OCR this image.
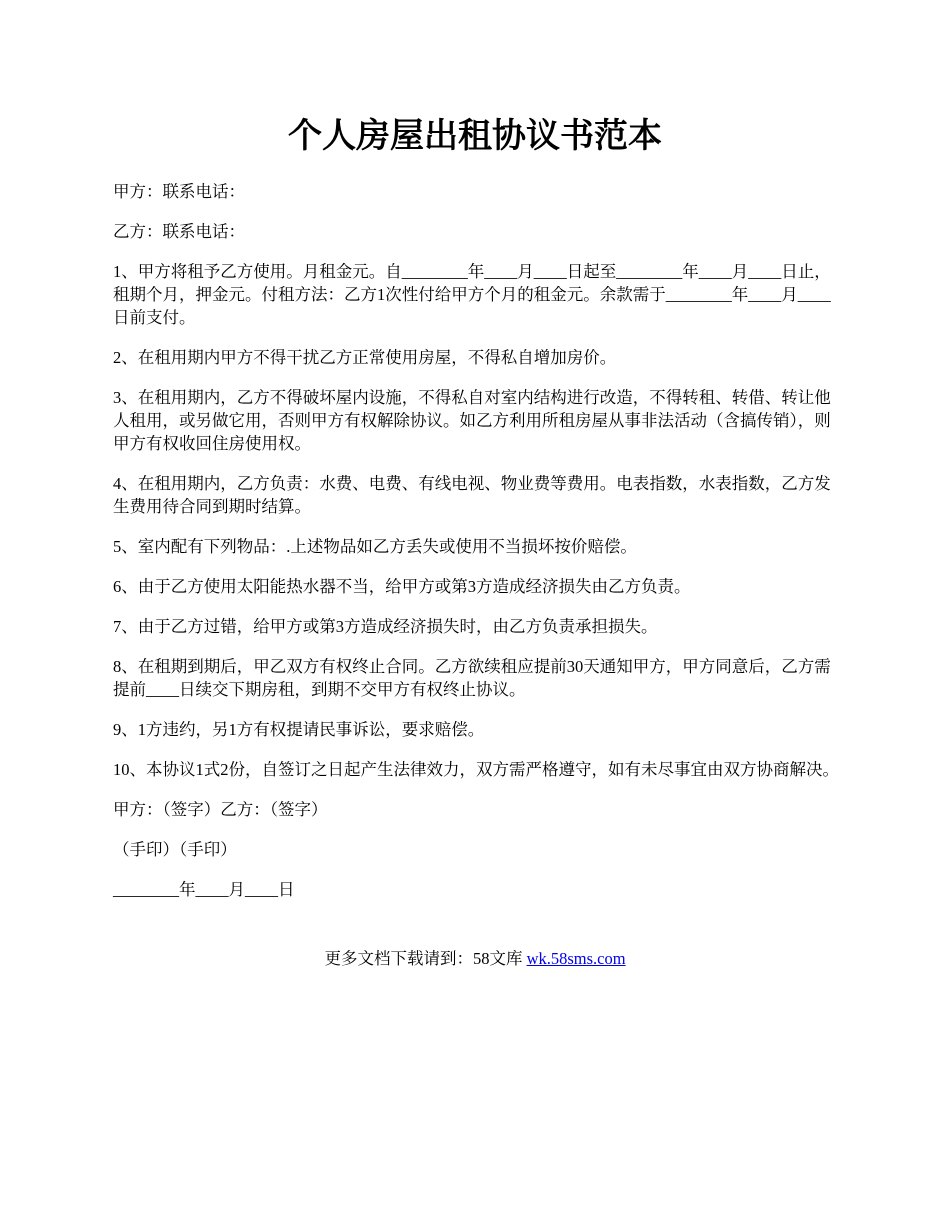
个人房屋出租协议书范本

甲方：联系电话：

乙方：联系电话：

1、甲方将租予乙方使用。月租金元。自________年____月____日起至________年____月____日止，租期个月，押金元。付租方法：乙方1次性付给甲方个月的租金元。余款需于________年____月____日前支付。

2、在租用期内甲方不得干扰乙方正常使用房屋，不得私自增加房价。

3、在租用期内，乙方不得破坏屋内设施，不得私自对室内结构进行改造，不得转租、转借、转让他人租用，或另做它用，否则甲方有权解除协议。如乙方利用所租房屋从事非法活动（含搞传销），则甲方有权收回住房使用权。

4、在租用期内，乙方负责：水费、电费、有线电视、物业费等费用。电表指数，水表指数，乙方发生费用待合同到期时结算。

5、室内配有下列物品：.上述物品如乙方丢失或使用不当损坏按价赔偿。

6、由于乙方使用太阳能热水器不当，给甲方或第3方造成经济损失由乙方负责。

7、由于乙方过错，给甲方或第3方造成经济损失时，由乙方负责承担损失。

8、在租期到期后，甲乙双方有权终止合同。乙方欲续租应提前30天通知甲方，甲方同意后，乙方需提前____日续交下期房租，到期不交甲方有权终止协议。

9、1方违约，另1方有权提请民事诉讼，要求赔偿。

10、本协议1式2份，自签订之日起产生法律效力，双方需严格遵守，如有未尽事宜由双方协商解决。

甲方：（签字）乙方：（签字）

（手印）（手印）

________年____月____日

更多文档下载请到：58文库 wk.58sms.com
